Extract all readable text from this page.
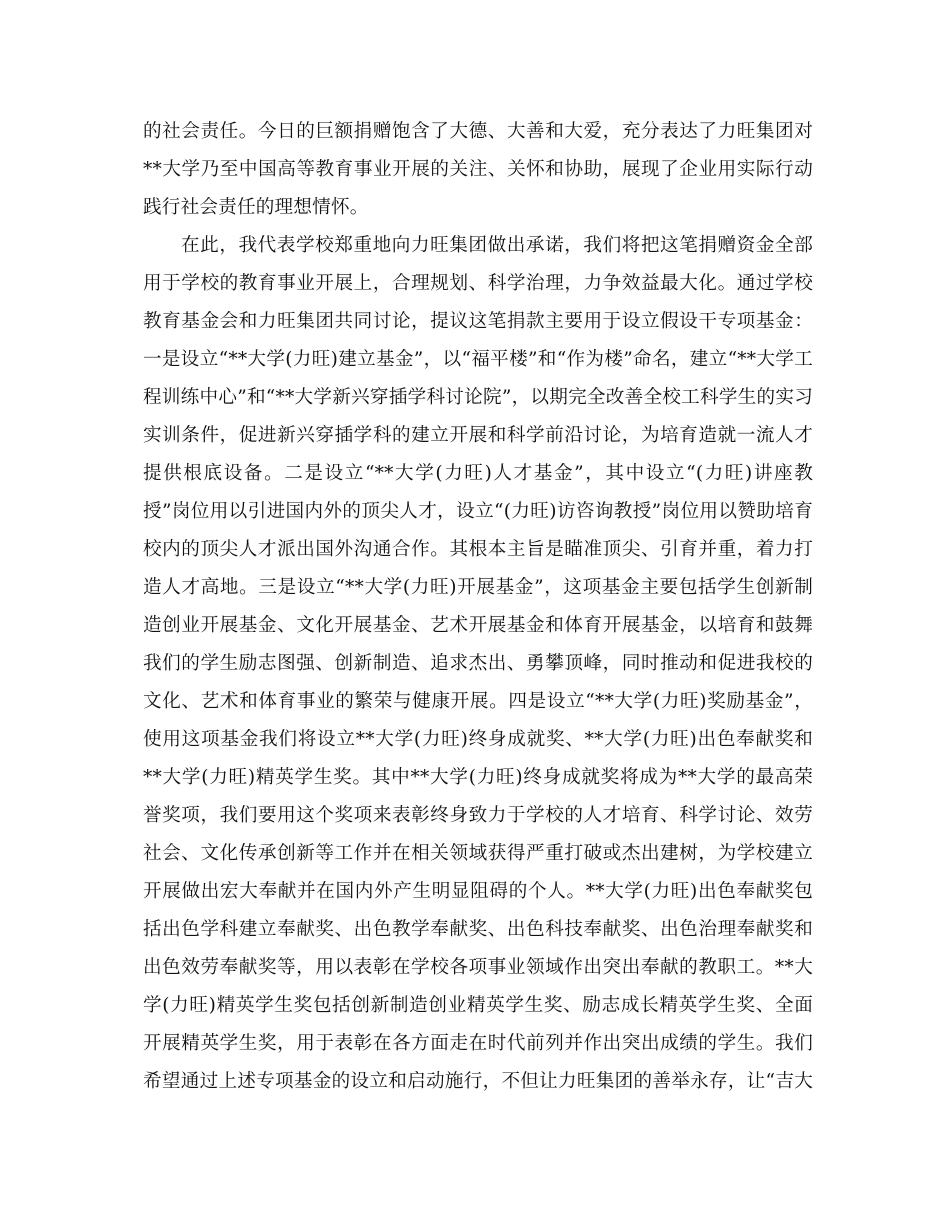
的社会责任。今日的巨额捐赠饱含了大德、大善和大爱，充分表达了力旺集团对
**大学乃至中国高等教育事业开展的关注、关怀和协助，展现了企业用实际行动
践行社会责任的理想情怀。
在此，我代表学校郑重地向力旺集团做出承诺，我们将把这笔捐赠资金全部
用于学校的教育事业开展上，合理规划、科学治理，力争效益最大化。通过学校
教育基金会和力旺集团共同讨论，提议这笔捐款主要用于设立假设干专项基金：
一是设立“**大学(力旺)建立基金”，以“福平楼”和“作为楼”命名，建立“**大学工
程训练中心”和“**大学新兴穿插学科讨论院”，以期完全改善全校工科学生的实习
实训条件，促进新兴穿插学科的建立开展和科学前沿讨论，为培育造就一流人才
提供根底设备。二是设立“**大学(力旺)人才基金”，其中设立“(力旺)讲座教
授”岗位用以引进国内外的顶尖人才，设立“(力旺)访咨询教授”岗位用以赞助培育
校内的顶尖人才派出国外沟通合作。其根本主旨是瞄准顶尖、引育并重，着力打
造人才高地。三是设立“**大学(力旺)开展基金”，这项基金主要包括学生创新制
造创业开展基金、文化开展基金、艺术开展基金和体育开展基金，以培育和鼓舞
我们的学生励志图强、创新制造、追求杰出、勇攀顶峰，同时推动和促进我校的
文化、艺术和体育事业的繁荣与健康开展。四是设立“**大学(力旺)奖励基金”，
使用这项基金我们将设立**大学(力旺)终身成就奖、**大学(力旺)出色奉献奖和
**大学(力旺)精英学生奖。其中**大学(力旺)终身成就奖将成为**大学的最高荣
誉奖项，我们要用这个奖项来表彰终身致力于学校的人才培育、科学讨论、效劳
社会、文化传承创新等工作并在相关领域获得严重打破或杰出建树，为学校建立
开展做出宏大奉献并在国内外产生明显阻碍的个人。**大学(力旺)出色奉献奖包
括出色学科建立奉献奖、出色教学奉献奖、出色科技奉献奖、出色治理奉献奖和
出色效劳奉献奖等，用以表彰在学校各项事业领域作出突出奉献的教职工。**大
学(力旺)精英学生奖包括创新制造创业精英学生奖、励志成长精英学生奖、全面
开展精英学生奖，用于表彰在各方面走在时代前列并作出突出成绩的学生。我们
希望通过上述专项基金的设立和启动施行，不但让力旺集团的善举永存，让“吉大
